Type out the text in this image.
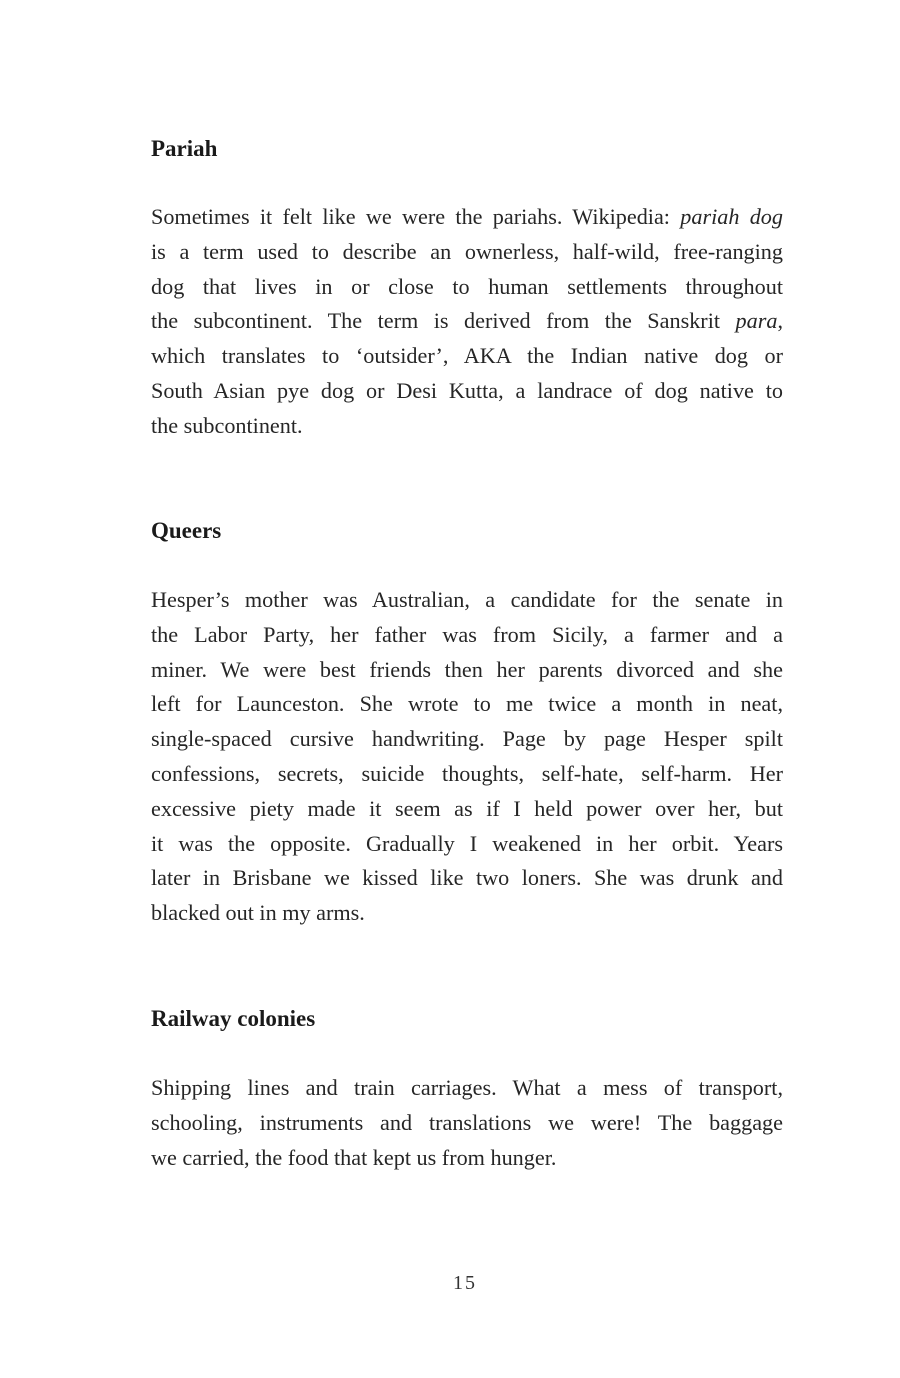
Pariah

Sometimes it felt like we were the pariahs. Wikipedia: pariah dog
is a term used to describe an ownerless, half-wild, free-ranging
dog that lives in or close to human settlements throughout
the subcontinent. The term is derived from the Sanskrit para,
which translates to ‘outsider’, AKA the Indian native dog or
South Asian pye dog or Desi Kutta, a landrace of dog native to
the subcontinent.

Queers

Hesper’s mother was Australian, a candidate for the senate in
the Labor Party, her father was from Sicily, a farmer and a
miner. We were best friends then her parents divorced and she
left for Launceston. She wrote to me twice a month in neat,
single-spaced cursive handwriting. Page by page Hesper spilt
confessions, secrets, suicide thoughts, self-hate, self-harm. Her
excessive piety made it seem as if I held power over her, but
it was the opposite. Gradually I weakened in her orbit. Years
later in Brisbane we kissed like two loners. She was drunk and
blacked out in my arms.

Railway colonies

Shipping lines and train carriages. What a mess of transport,
schooling, instruments and translations we were! The baggage
we carried, the food that kept us from hunger.

15
